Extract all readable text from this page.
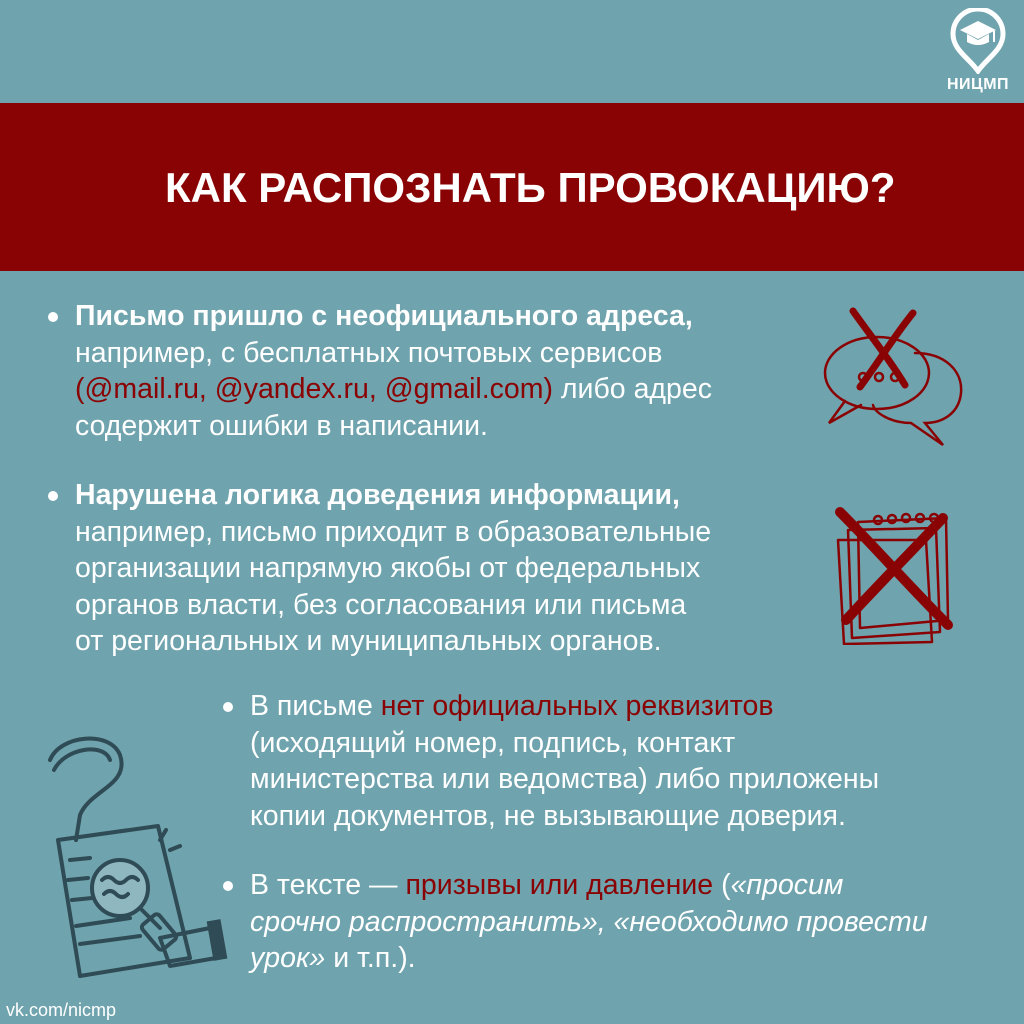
НИЦМП
КАК РАСПОЗНАТЬ ПРОВОКАЦИЮ?
Письмо пришло с неофициального адреса,
например, с бесплатных почтовых сервисов
(@mail.ru, @yandex.ru, @gmail.com) либо адрес
содержит ошибки в написании.
Нарушена логика доведения информации,
например, письмо приходит в образовательные
организации напрямую якобы от федеральных
органов власти, без согласования или письма
от региональных и муниципальных органов.
В письме нет официальных реквизитов
(исходящий номер, подпись, контакт
министерства или ведомства) либо приложены
копии документов, не вызывающие доверия.
В тексте — призывы или давление («просим
срочно распространить», «необходимо провести
урок» и т.п.).
vk.com/nicmp
